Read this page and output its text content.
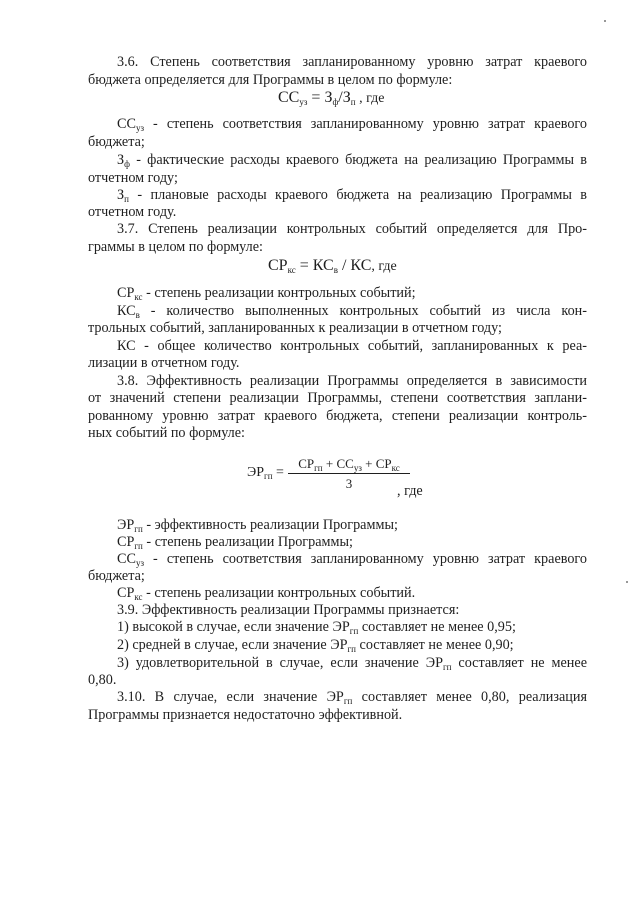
3.6. Степень соответствия запланированному уровню затрат краевого
бюджета определяется для Программы в целом по формуле:
$СС_{уз} = З_ф/З_п$ , где
$СС_{уз}$ - степень соответствия запланированному уровню затрат краевого
бюджета;
$З_ф$ - фактические расходы краевого бюджета на реализацию Программы в
отчетном году;
$З_п$ - плановые расходы краевого бюджета на реализацию Программы в
отчетном году.
3.7. Степень реализации контрольных событий определяется для Про-
граммы в целом по формуле:
$СР_{кс} = КС_в$ / КС, где
$СР_{кс}$ - степень реализации контрольных событий;
$КС_в$ - количество выполненных контрольных событий из числа кон-
трольных событий, запланированных к реализации в отчетном году;
КС - общее количество контрольных событий, запланированных к реа-
лизации в отчетном году.
3.8. Эффективность реализации Программы определяется в зависимости
от значений степени реализации Программы, степени соответствия заплани-
рованному уровню затрат краевого бюджета, степени реализации контроль-
ных событий по формуле:
$ЭР_{гп}$ =
$СР_{гп} + СС_{уз} + СР_{кс}$
3	, где
$ЭР_{гп}$ - эффективность реализации Программы;
$СР_{гп}$ - степень реализации Программы;
$СС_{уз}$ - степень соответствия запланированному уровню затрат краевого
бюджета;
$СР_{кс}$ - степень реализации контрольных событий.
3.9. Эффективность реализации Программы признается:
1) высокой в случае, если значение $ЭР_{гп}$ составляет не менее 0,95;
2) средней в случае, если значение $ЭР_{гп}$ составляет не менее 0,90;
3) удовлетворительной в случае, если значение $ЭР_{гп}$ составляет не менее
0,80.
3.10. В случае, если значение $ЭР_{гп}$ составляет менее 0,80, реализация
Программы признается недостаточно эффективной.
